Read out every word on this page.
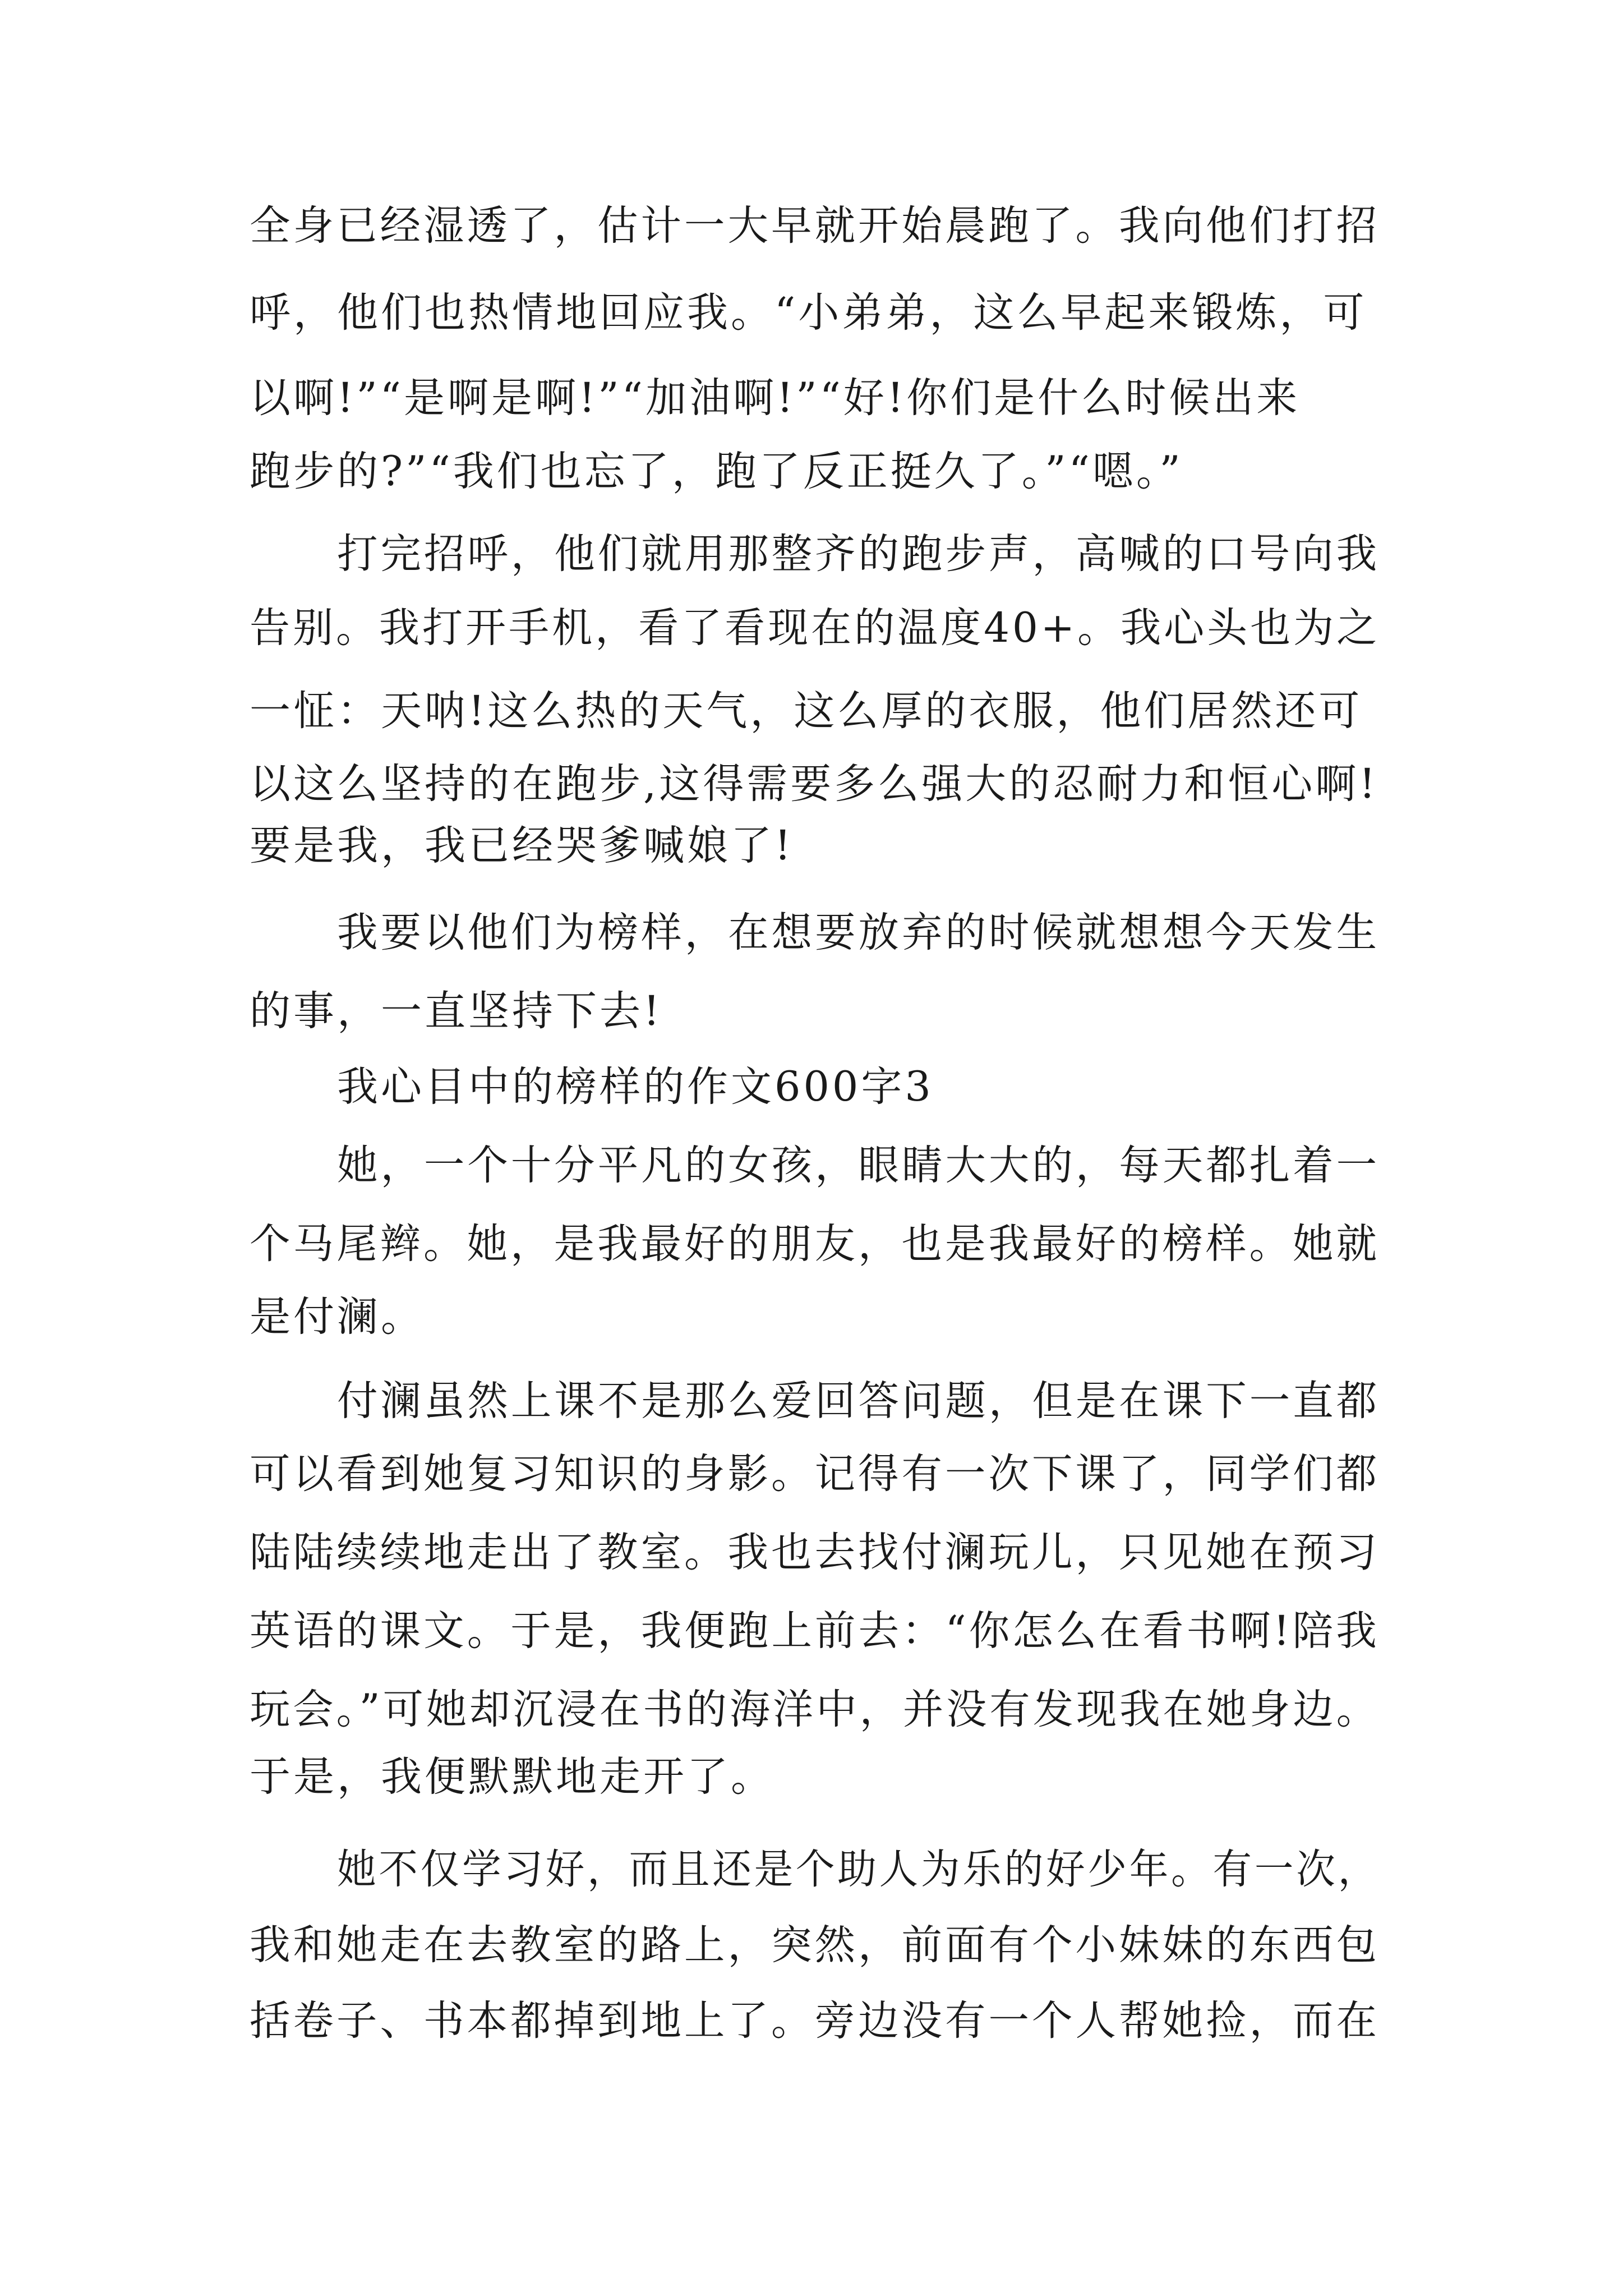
全身已经湿透了，估计一大早就开始晨跑了。我向他们打招
呼，他们也热情地回应我。“小弟弟，这么早起来锻炼，可
以啊!”“是啊是啊!”“加油啊!”“好!你们是什么时候出来
跑步的?”“我们也忘了，跑了反正挺久了。”“嗯。”
打完招呼，他们就用那整齐的跑步声，高喊的口号向我
告别。我打开手机，看了看现在的温度40+。我心头也为之
一怔：天呐!这么热的天气，这么厚的衣服，他们居然还可
以这么坚持的在跑步,这得需要多么强大的忍耐力和恒心啊!
要是我，我已经哭爹喊娘了!
我要以他们为榜样，在想要放弃的时候就想想今天发生
的事，一直坚持下去!
我心目中的榜样的作文600字3
她，一个十分平凡的女孩，眼睛大大的，每天都扎着一
个马尾辫。她，是我最好的朋友，也是我最好的榜样。她就
是付澜。
付澜虽然上课不是那么爱回答问题，但是在课下一直都
可以看到她复习知识的身影。记得有一次下课了，同学们都
陆陆续续地走出了教室。我也去找付澜玩儿，只见她在预习
英语的课文。于是，我便跑上前去：“你怎么在看书啊!陪我
玩会。”可她却沉浸在书的海洋中，并没有发现我在她身边。
于是，我便默默地走开了。
她不仅学习好，而且还是个助人为乐的好少年。有一次，
我和她走在去教室的路上，突然，前面有个小妹妹的东西包
括卷子、书本都掉到地上了。旁边没有一个人帮她捡，而在
